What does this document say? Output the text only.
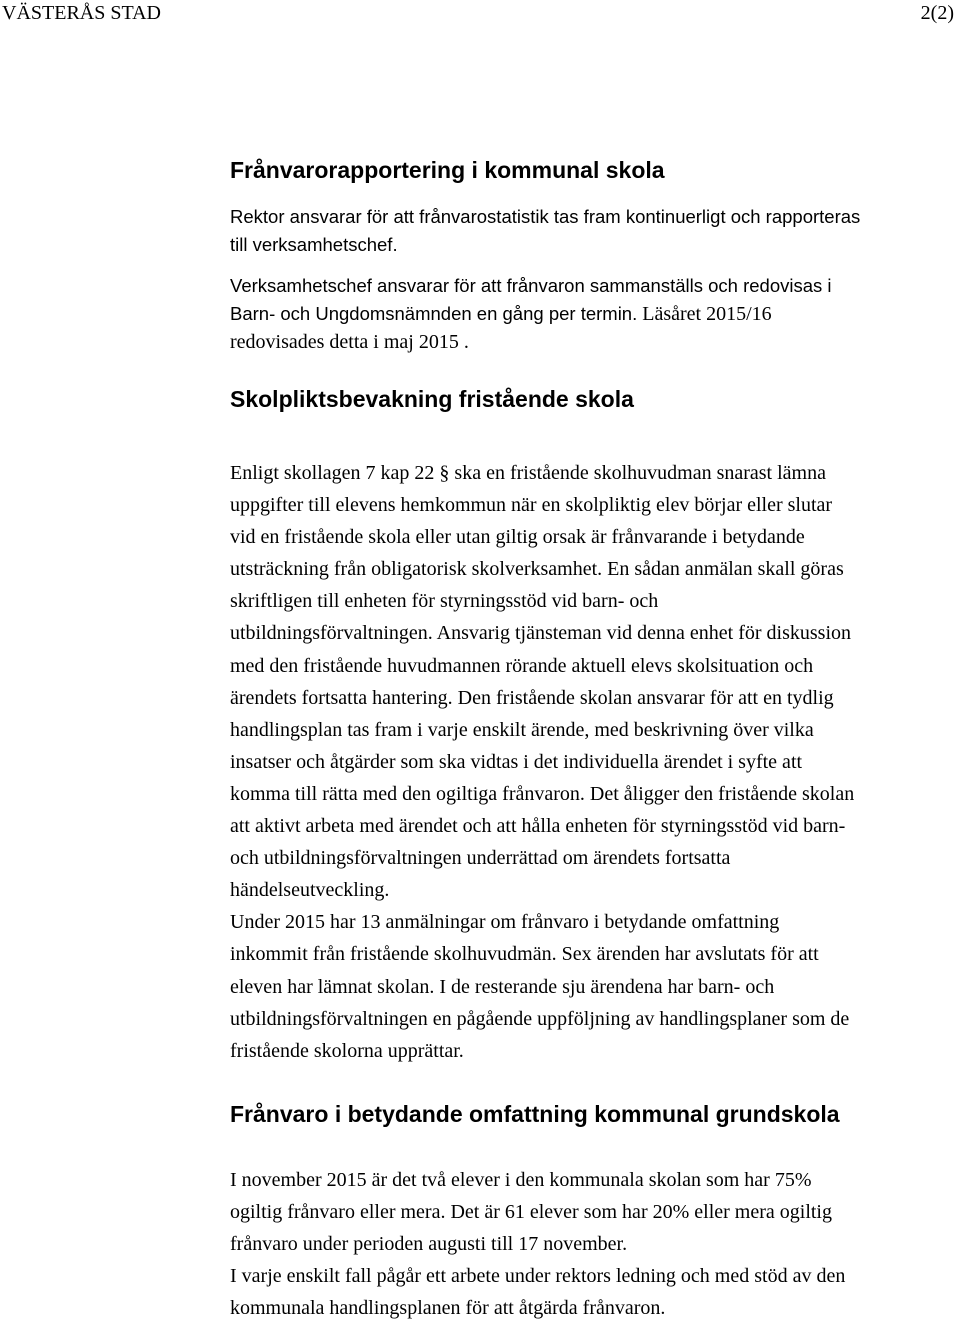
VÄSTERÅS STAD	2(2)
Frånvarorapportering i kommunal skola

Rektor ansvarar för att frånvarostatistik tas fram kontinuerligt och rapporteras
till verksamhetschef.

Verksamhetschef ansvarar för att frånvaron sammanställs och redovisas i
Barn- och Ungdomsnämnden en gång per termin. Läsåret 2015/16
redovisades detta i maj 2015 .

Skolpliktsbevakning fristående skola

Enligt skollagen 7 kap 22 § ska en fristående skolhuvudman snarast lämna
uppgifter till elevens hemkommun när en skolpliktig elev börjar eller slutar
vid en fristående skola eller utan giltig orsak är frånvarande i betydande
utsträckning från obligatorisk skolverksamhet. En sådan anmälan skall göras
skriftligen till enheten för styrningsstöd vid barn- och
utbildningsförvaltningen. Ansvarig tjänsteman vid denna enhet för diskussion
med den fristående huvudmannen rörande aktuell elevs skolsituation och
ärendets fortsatta hantering. Den fristående skolan ansvarar för att en tydlig
handlingsplan tas fram i varje enskilt ärende, med beskrivning över vilka
insatser och åtgärder som ska vidtas i det individuella ärendet i syfte att
komma till rätta med den ogiltiga frånvaron. Det åligger den fristående skolan
att aktivt arbeta med ärendet och att hålla enheten för styrningsstöd vid barn-
och utbildningsförvaltningen underrättad om ärendets fortsatta
händelseutveckling.
Under 2015 har 13 anmälningar om frånvaro i betydande omfattning
inkommit från fristående skolhuvudmän. Sex ärenden har avslutats för att
eleven har lämnat skolan. I de resterande sju ärendena har barn- och
utbildningsförvaltningen en pågående uppföljning av handlingsplaner som de
fristående skolorna upprättar.

Frånvaro i betydande omfattning kommunal grundskola

I november 2015 är det två elever i den kommunala skolan som har 75%
ogiltig frånvaro eller mera. Det är 61 elever som har 20% eller mera ogiltig
frånvaro under perioden augusti till 17 november.
I varje enskilt fall pågår ett arbete under rektors ledning och med stöd av den
kommunala handlingsplanen för att åtgärda frånvaron.
